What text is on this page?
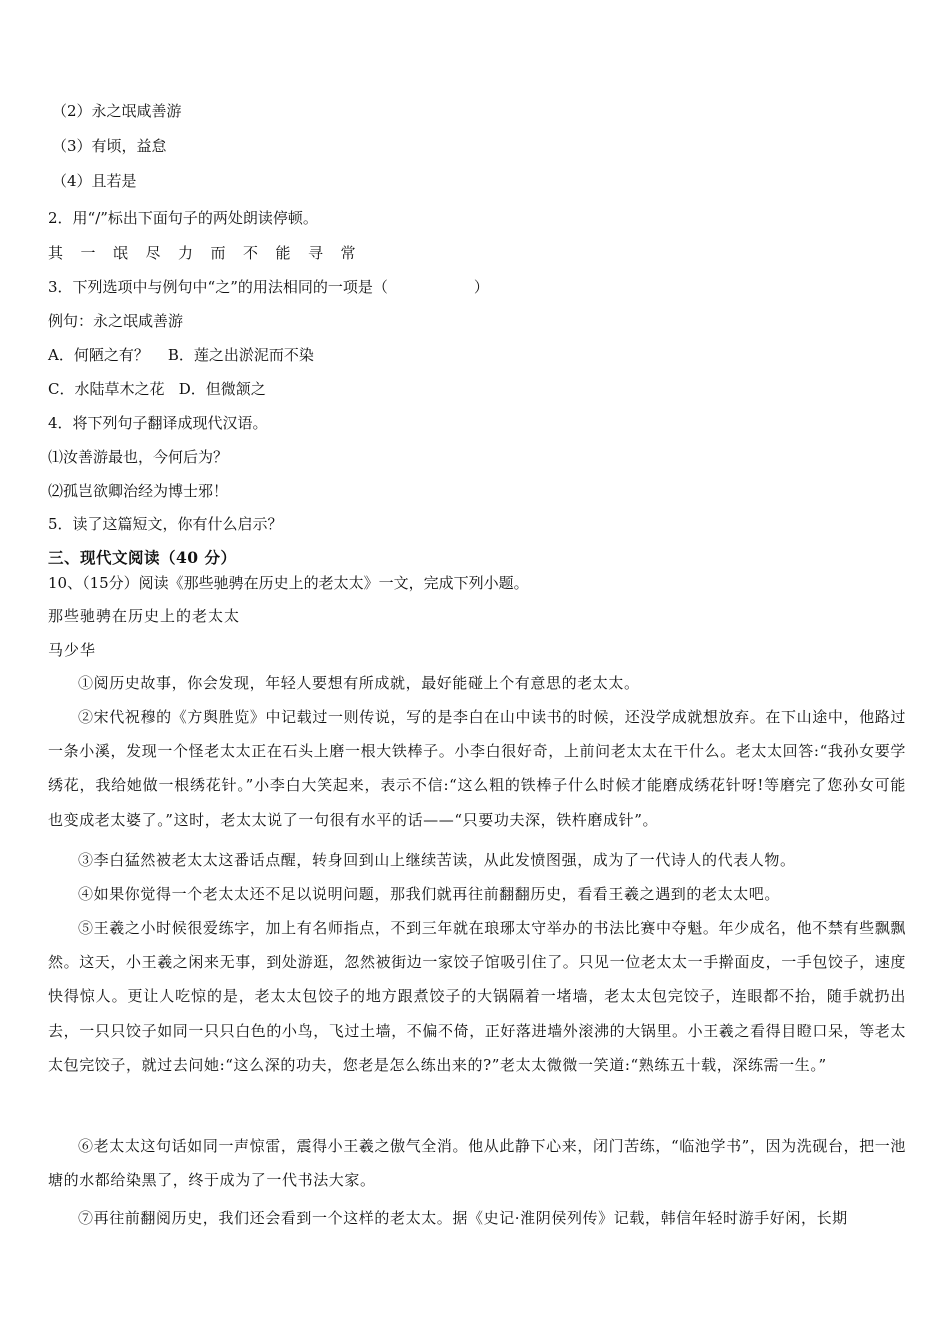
（2）永之氓咸善游
（3）有顷，益怠
（4）且若是
2．用“/”标出下面句子的两处朗读停顿。
其一氓尽力而不能寻常
3．下列选项中与例句中“之”的用法相同的一项是（	）
例句：永之氓咸善游
A．何陋之有？    B．莲之出淤泥而不染
C．水陆草木之花   D．但微颔之
4．将下列句子翻译成现代汉语。
⑴汝善游最也，今何后为？
⑵孤岂欲卿治经为博士邪！
5．读了这篇短文，你有什么启示？
三、现代文阅读（40 分）
10、（15分）阅读《那些驰骋在历史上的老太太》一文，完成下列小题。
那些驰骋在历史上的老太太
马少华
①阅历史故事，你会发现，年轻人要想有所成就，最好能碰上个有意思的老太太。
②宋代祝穆的《方舆胜览》中记载过一则传说，写的是李白在山中读书的时候，还没学成就想放弃。在下山途中，他路过一条小溪，发现一个怪老太太正在石头上磨一根大铁棒子。小李白很好奇，上前问老太太在干什么。老太太回答:“我孙女要学绣花，我给她做一根绣花针。”小李白大笑起来，表示不信:“这么粗的铁棒子什么时候才能磨成绣花针呀!等磨完了您孙女可能也变成老太婆了。”这时，老太太说了一句很有水平的话——“只要功夫深，铁杵磨成针”。
③李白猛然被老太太这番话点醒，转身回到山上继续苦读，从此发愤图强，成为了一代诗人的代表人物。
④如果你觉得一个老太太还不足以说明问题，那我们就再往前翻翻历史，看看王羲之遇到的老太太吧。
⑤王羲之小时候很爱练字，加上有名师指点，不到三年就在琅琊太守举办的书法比赛中夺魁。年少成名，他不禁有些飘飘然。这天，小王羲之闲来无事，到处游逛，忽然被街边一家饺子馆吸引住了。只见一位老太太一手擀面皮，一手包饺子，速度快得惊人。更让人吃惊的是，老太太包饺子的地方跟煮饺子的大锅隔着一堵墙，老太太包完饺子，连眼都不抬，随手就扔出去，一只只饺子如同一只只白色的小鸟，飞过土墙，不偏不倚，正好落进墙外滚沸的大锅里。小王羲之看得目瞪口呆，等老太太包完饺子，就过去问她:“这么深的功夫，您老是怎么练出来的?”老太太微微一笑道:“熟练五十载，深练需一生。”
⑥老太太这句话如同一声惊雷，震得小王羲之傲气全消。他从此静下心来，闭门苦练，“临池学书”，因为洗砚台，把一池塘的水都给染黑了，终于成为了一代书法大家。
⑦再往前翻阅历史，我们还会看到一个这样的老太太。据《史记·淮阴侯列传》记载，韩信年轻时游手好闲，长期
